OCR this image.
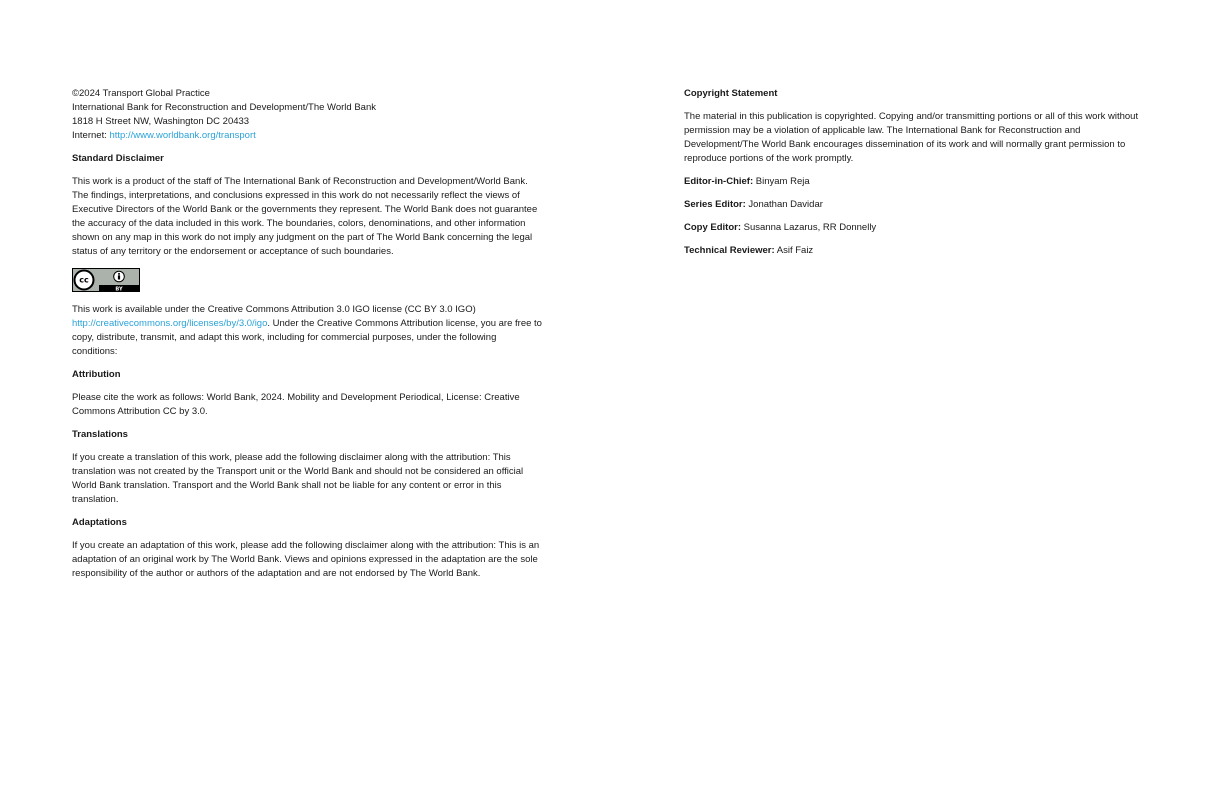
©2024 Transport Global Practice

International Bank for Reconstruction and Development/The World Bank

1818 H Street NW, Washington DC 20433

Internet: http://www.worldbank.org/transport

Standard Disclaimer

This work is a product of the staff of The International Bank of Reconstruction and Development/World Bank. The findings, interpretations, and conclusions expressed in this work do not necessarily reflect the views of Executive Directors of the World Bank or the governments they represent. The World Bank does not guarantee the accuracy of the data included in this work. The boundaries, colors, denominations, and other information shown on any map in this work do not imply any judgment on the part of The World Bank concerning the legal status of any territory or the endorsement or acceptance of such boundaries.

cc
BY

This work is available under the Creative Commons Attribution 3.0 IGO license (CC BY 3.0 IGO) http://creativecommons.org/licenses/by/3.0/igo. Under the Creative Commons Attribution license, you are free to copy, distribute, transmit, and adapt this work, including for commercial purposes, under the following conditions:

Attribution

Please cite the work as follows: World Bank, 2024. Mobility and Development Periodical, License: Creative Commons Attribution CC by 3.0.

Translations

If you create a translation of this work, please add the following disclaimer along with the attribution: This translation was not created by the Transport unit or the World Bank and should not be considered an official World Bank translation. Transport and the World Bank shall not be liable for any content or error in this translation.

Adaptations

If you create an adaptation of this work, please add the following disclaimer along with the attribution: This is an adaptation of an original work by The World Bank. Views and opinions expressed in the adaptation are the sole responsibility of the author or authors of the adaptation and are not endorsed by The World Bank.

Copyright Statement

The material in this publication is copyrighted. Copying and/or transmitting portions or all of this work without permission may be a violation of applicable law. The International Bank for Reconstruction and Development/The World Bank encourages dissemination of its work and will normally grant permission to reproduce portions of the work promptly.

Editor-in-Chief: Binyam Reja

Series Editor: Jonathan Davidar

Copy Editor: Susanna Lazarus, RR Donnelly

Technical Reviewer: Asif Faiz
